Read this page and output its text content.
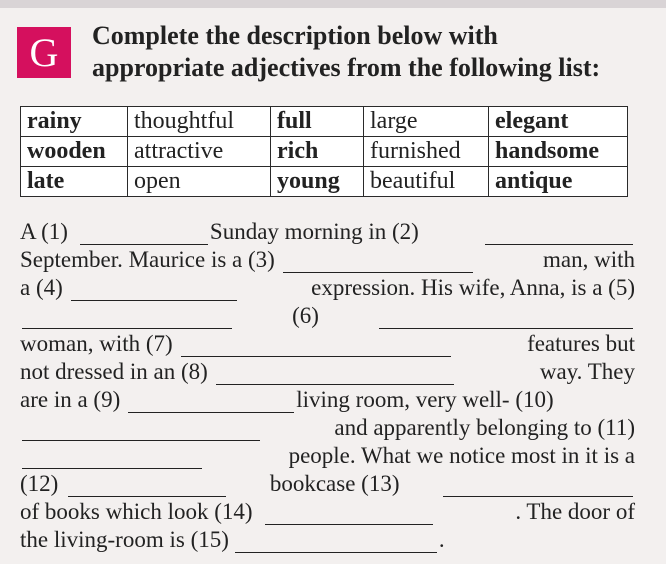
G Complete the description below with
appropriate adjectives from the following list:
rainy	thoughtful	full	large	elegant
wooden	attractive	rich	furnished	handsome
late	open	young	beautiful	antique
A (1)	Sunday morning in (2)
September. Maurice is a (3)	man, with
a (4)	expression. His wife, Anna, is a (5)
(6)
woman, with (7)	features but
not dressed in an (8)	way. They
are in a (9)	living room, very well- (10)
and apparently belonging to (11)
people. What we notice most in it is a
(12)	bookcase (13)
of books which look (14)	. The door of
the living-room is (15)	.
